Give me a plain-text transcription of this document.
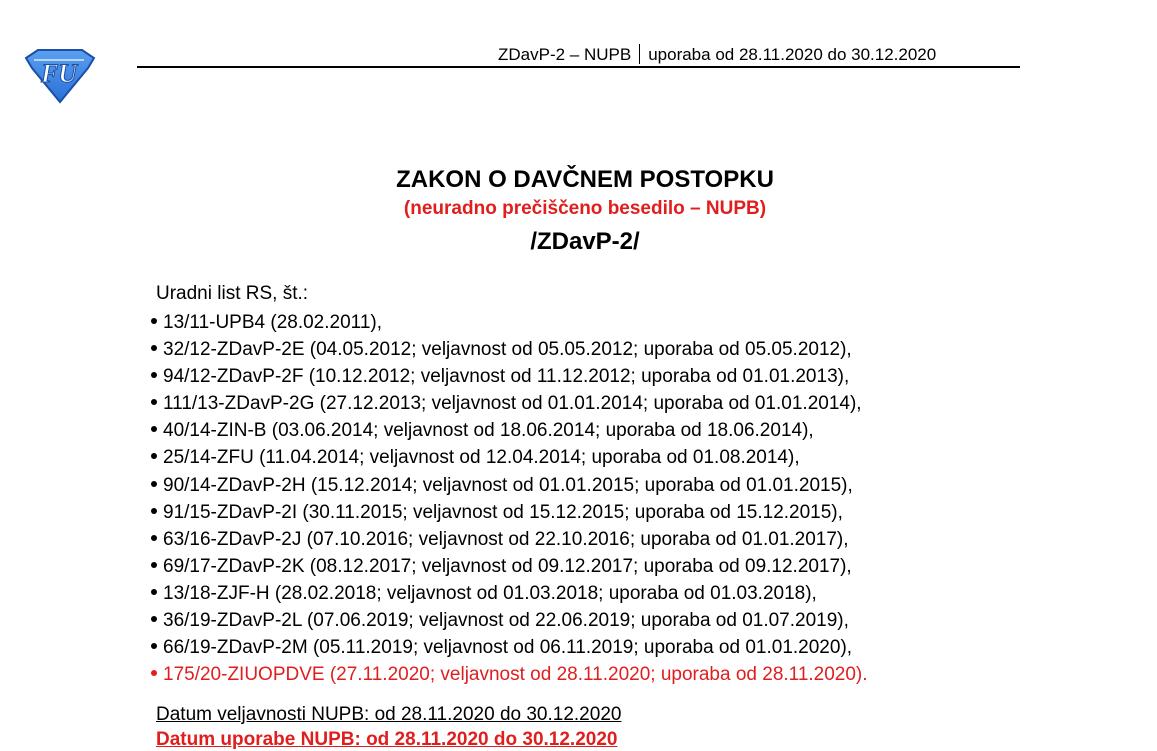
FU
ZDavP-2 – NUPB uporaba od 28.11.2020 do 30.12.2020
ZAKON O DAVČNEM POSTOPKU
(neuradno prečiščeno besedilo – NUPB)
/ZDavP-2/
Uradni list RS, št.:
13/11-UPB4 (28.02.2011),
32/12-ZDavP-2E (04.05.2012; veljavnost od 05.05.2012; uporaba od 05.05.2012),
94/12-ZDavP-2F (10.12.2012; veljavnost od 11.12.2012; uporaba od 01.01.2013),
111/13-ZDavP-2G (27.12.2013; veljavnost od 01.01.2014; uporaba od 01.01.2014),
40/14-ZIN-B (03.06.2014; veljavnost od 18.06.2014; uporaba od 18.06.2014),
25/14-ZFU (11.04.2014; veljavnost od 12.04.2014; uporaba od 01.08.2014),
90/14-ZDavP-2H (15.12.2014; veljavnost od 01.01.2015; uporaba od 01.01.2015),
91/15-ZDavP-2I (30.11.2015; veljavnost od 15.12.2015; uporaba od 15.12.2015),
63/16-ZDavP-2J (07.10.2016; veljavnost od 22.10.2016; uporaba od 01.01.2017),
69/17-ZDavP-2K (08.12.2017; veljavnost od 09.12.2017; uporaba od 09.12.2017),
13/18-ZJF-H (28.02.2018; veljavnost od 01.03.2018; uporaba od 01.03.2018),
36/19-ZDavP-2L (07.06.2019; veljavnost od 22.06.2019; uporaba od 01.07.2019),
66/19-ZDavP-2M (05.11.2019; veljavnost od 06.11.2019; uporaba od 01.01.2020),
175/20-ZIUOPDVE (27.11.2020; veljavnost od 28.11.2020; uporaba od 28.11.2020).
Datum veljavnosti NUPB: od 28.11.2020 do 30.12.2020
Datum uporabe NUPB: od 28.11.2020 do 30.12.2020
